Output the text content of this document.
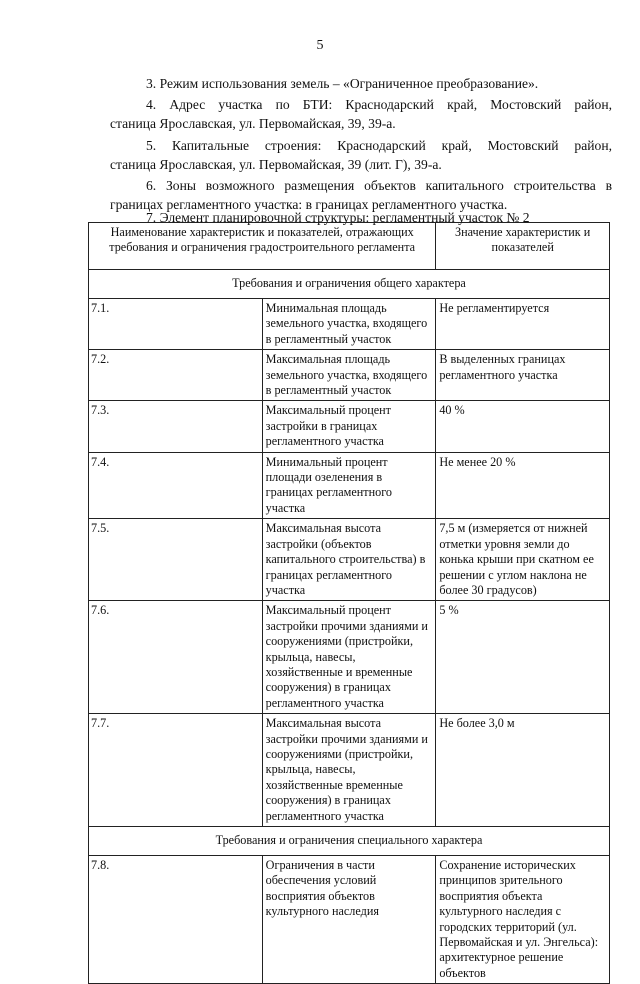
5
3. Режим использования земель – «Ограниченное преобразование».
4. Адрес участка по БТИ: Краснодарский край, Мостовский район,
станица Ярославская, ул. Первомайская, 39, 39-а.
5. Капитальные строения: Краснодарский край, Мостовский район,
станица Ярославская, ул. Первомайская, 39 (лит. Г), 39-а.
6. Зоны возможного размещения объектов капитального строительства в
границах регламентного участка: в границах регламентного участка.
7. Элемент планировочной структуры: регламентный участок № 2
Наименование характеристик и показателей, отражающих требования и ограничения градостроительного регламента		Значение характеристик и показателей
Требования и ограничения общего характера		
7.1.	Минимальная площадь земельного участка, входящего в регламентный участок	Не регламентируется
7.2.	Максимальная площадь земельного участка, входящего в регламентный участок	В выделенных границах регламентного участка
7.3.	Максимальный процент застройки в границах регламентного участка	40 %
7.4.	Минимальный процент площади озеленения в границах регламентного участка	Не менее 20 %
7.5.	Максимальная высота застройки (объектов капитального строительства) в границах регламентного участка	7,5 м (измеряется от нижней отметки уровня земли до конька крыши при скатном ее решении с углом наклона не более 30 градусов)
7.6.	Максимальный процент застройки прочими зданиями и сооружениями (пристройки, крыльца, навесы, хозяйственные и временные сооружения) в границах регламентного участка	5 %
7.7.	Максимальная высота застройки прочими зданиями и сооружениями (пристройки, крыльца, навесы, хозяйственные временные сооружения) в границах регламентного участка	Не более 3,0 м
Требования и ограничения специального характера		
7.8.	Ограничения в части обеспечения условий восприятия объектов культурного наследия	Сохранение исторических принципов зрительного восприятия объекта культурного наследия с городских территорий (ул. Первомайская и ул. Энгельса): архитектурное решение объектов
